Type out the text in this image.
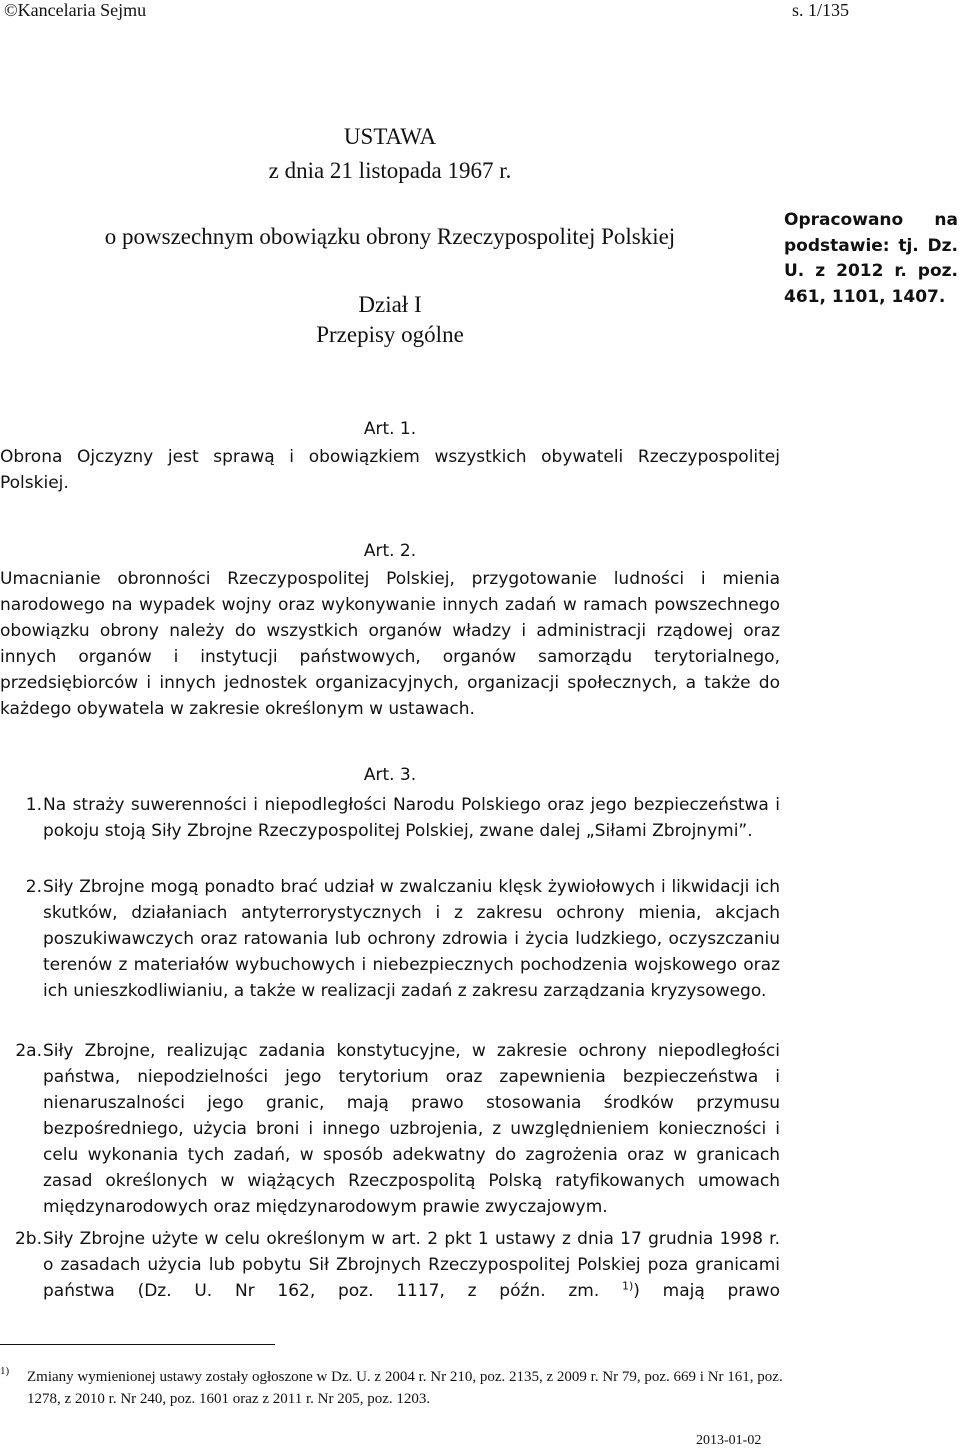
©Kancelaria Sejmu	s. 1/135
USTAWA
z dnia 21 listopada 1967 r.
o powszechnym obowiązku obrony Rzeczypospolitej Polskiej
Opracowano na podstawie: tj. Dz. U. z 2012 r. poz. 461, 1101, 1407.
Dział I
Przepisy ogólne
Art. 1.
Obrona Ojczyzny jest sprawą i obowiązkiem wszystkich obywateli Rzeczypospolitej Polskiej.
Art. 2.
Umacnianie obronności Rzeczypospolitej Polskiej, przygotowanie ludności i mienia narodowego na wypadek wojny oraz wykonywanie innych zadań w ramach powszechnego obowiązku obrony należy do wszystkich organów władzy i administracji rządowej oraz innych organów i instytucji państwowych, organów samorządu terytorialnego, przedsiębiorców i innych jednostek organizacyjnych, organizacji społecznych, a także do każdego obywatela w zakresie określonym w ustawach.
Art. 3.
1. Na straży suwerenności i niepodległości Narodu Polskiego oraz jego bezpieczeństwa i pokoju stoją Siły Zbrojne Rzeczypospolitej Polskiej, zwane dalej „Siłami Zbrojnymi”.
2. Siły Zbrojne mogą ponadto brać udział w zwalczaniu klęsk żywiołowych i likwidacji ich skutków, działaniach antyterrorystycznych i z zakresu ochrony mienia, akcjach poszukiwawczych oraz ratowania lub ochrony zdrowia i życia ludzkiego, oczyszczaniu terenów z materiałów wybuchowych i niebezpiecznych pochodzenia wojskowego oraz ich unieszkodliwianiu, a także w realizacji zadań z zakresu zarządzania kryzysowego.
2a. Siły Zbrojne, realizując zadania konstytucyjne, w zakresie ochrony niepodległości państwa, niepodzielności jego terytorium oraz zapewnienia bezpieczeństwa i nienaruszalności jego granic, mają prawo stosowania środków przymusu bezpośredniego, użycia broni i innego uzbrojenia, z uwzględnieniem konieczności i celu wykonania tych zadań, w sposób adekwatny do zagrożenia oraz w granicach zasad określonych w wiążących Rzeczpospolitą Polską ratyfikowanych umowach międzynarodowych oraz międzynarodowym prawie zwyczajowym.
2b. Siły Zbrojne użyte w celu określonym w art. 2 pkt 1 ustawy z dnia 17 grudnia 1998 r. o zasadach użycia lub pobytu Sił Zbrojnych Rzeczypospolitej Polskiej poza granicami państwa (Dz. U. Nr 162, poz. 1117, z późn. zm. $^{1)}$) mają prawo
1) Zmiany wymienionej ustawy zostały ogłoszone w Dz. U. z 2004 r. Nr 210, poz. 2135, z 2009 r. Nr 79, poz. 669 i Nr 161, poz. 1278, z 2010 r. Nr 240, poz. 1601 oraz z 2011 r. Nr 205, poz. 1203.
2013-01-02
